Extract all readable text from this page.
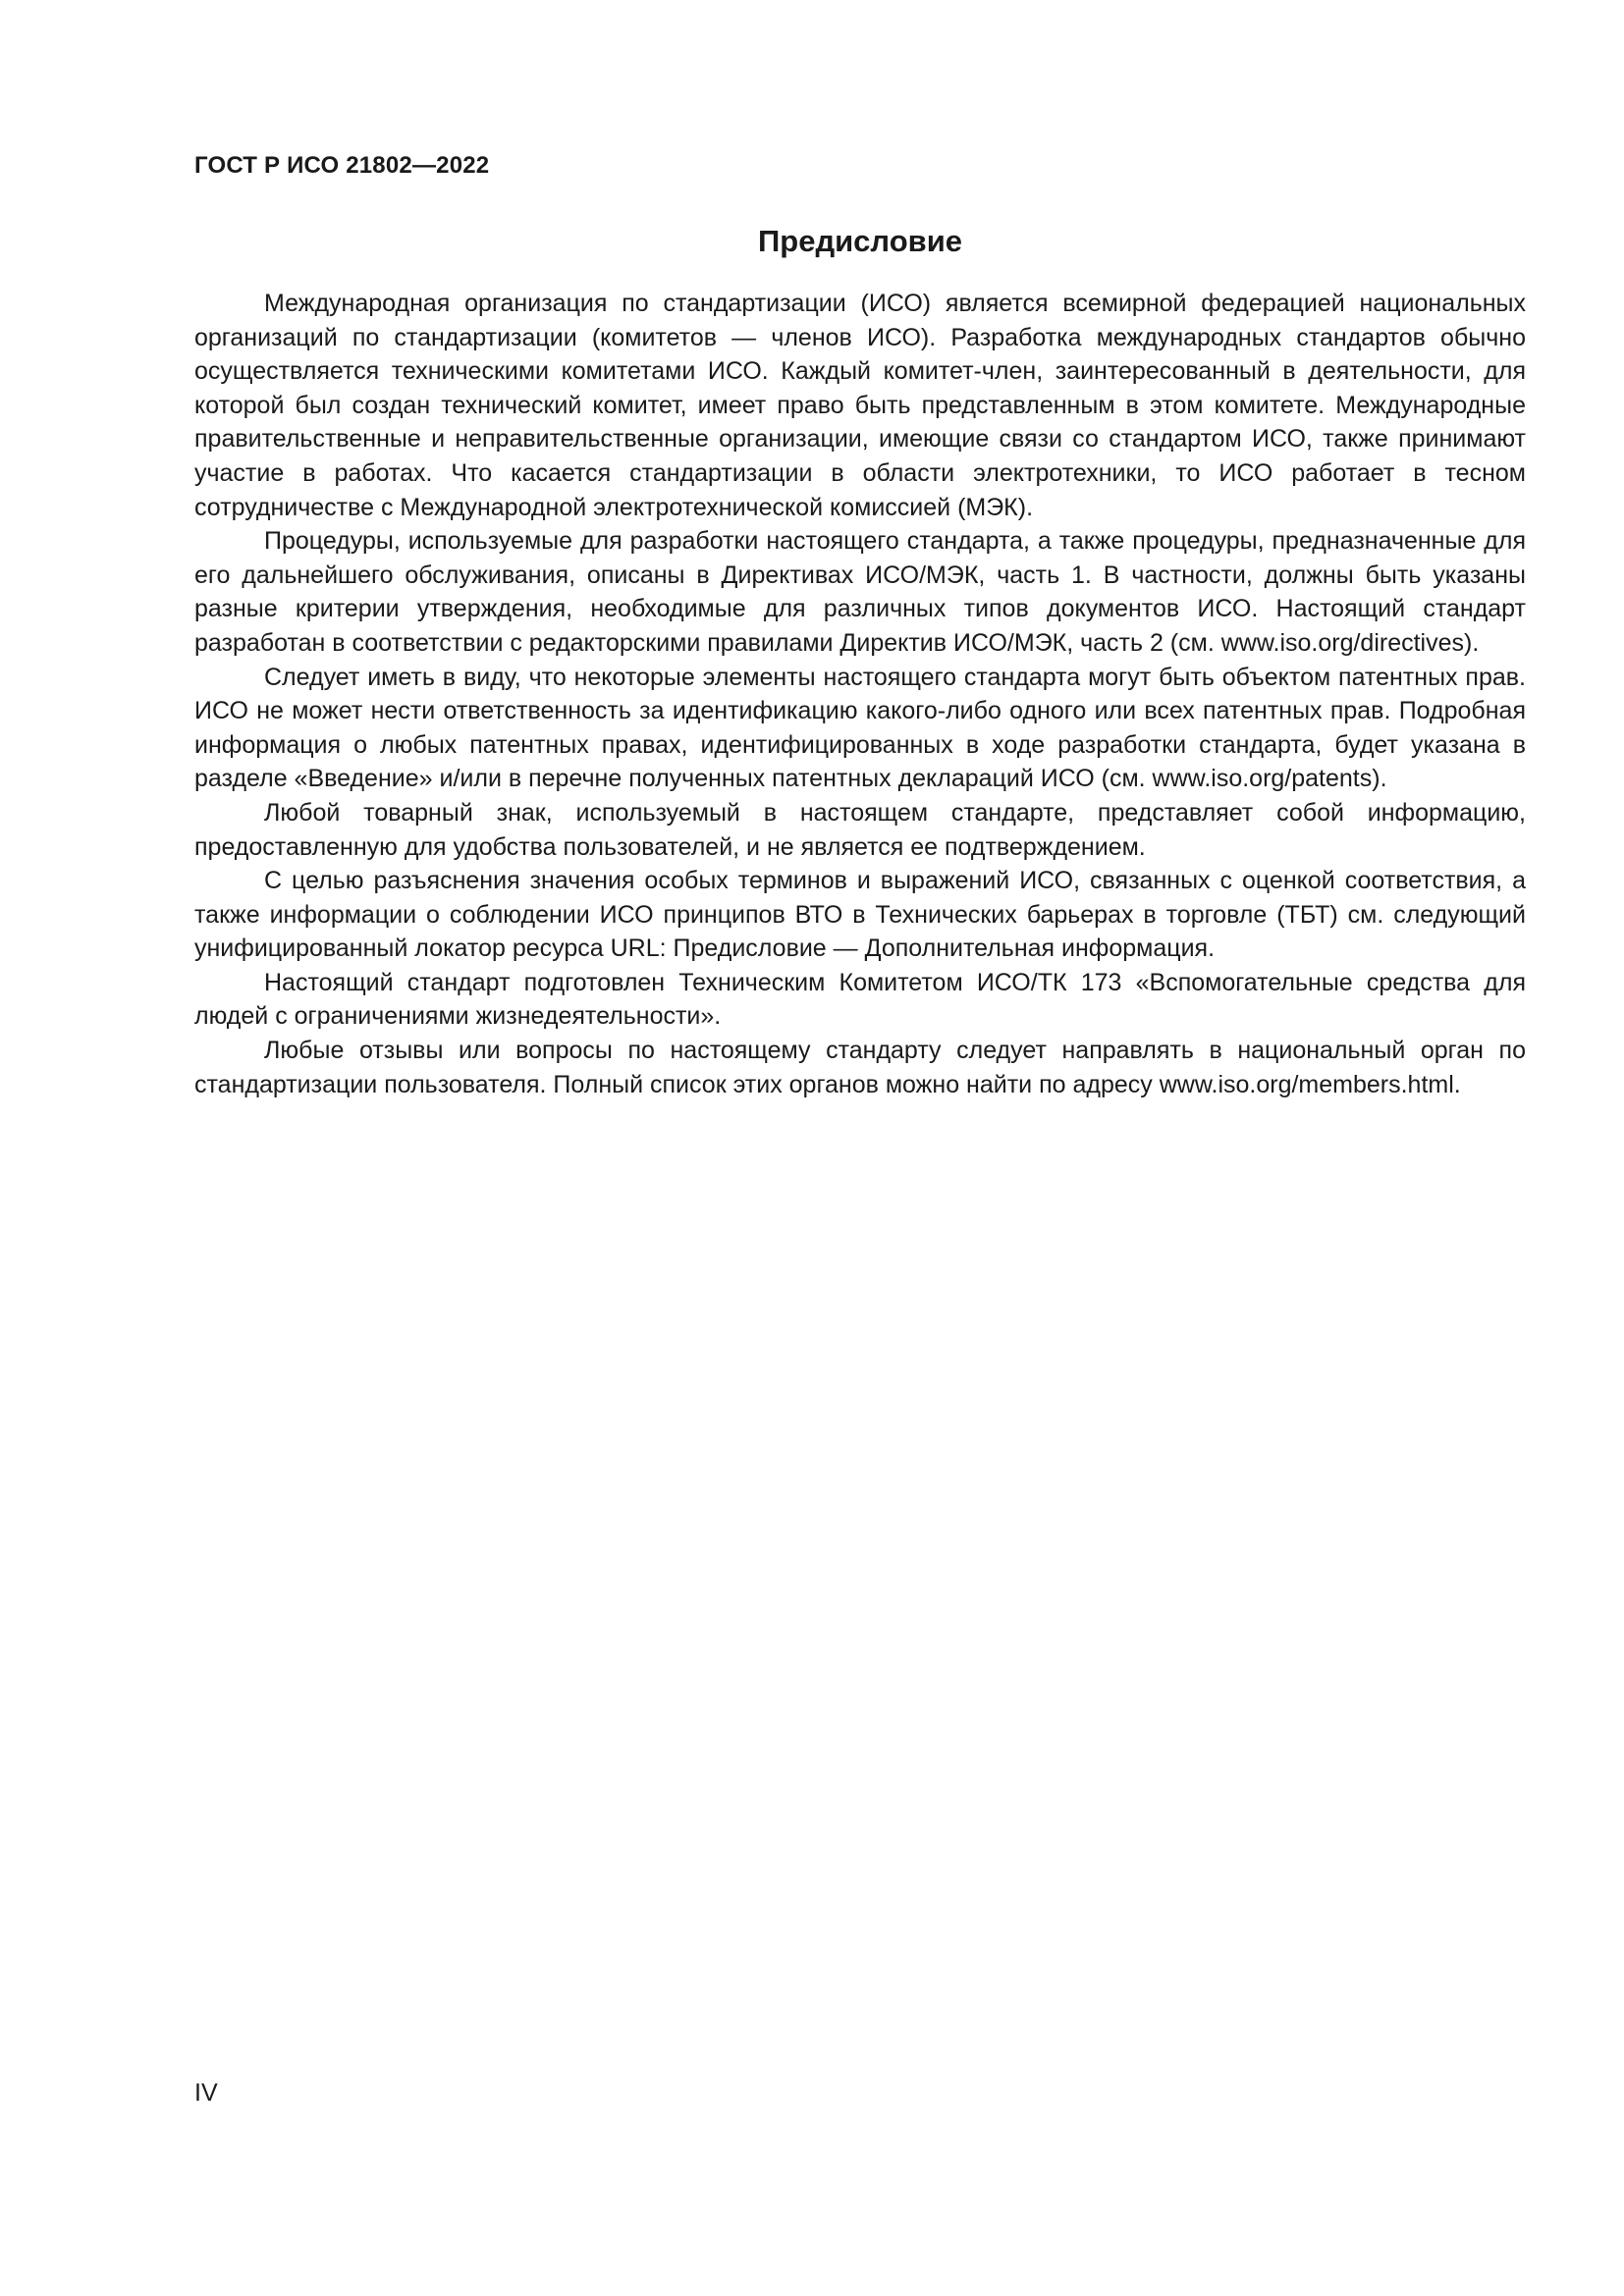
ГОСТ Р ИСО 21802—2022
Предисловие

Международная организация по стандартизации (ИСО) является всемирной федерацией национальных организаций по стандартизации (комитетов — членов ИСО). Разработка международных стандартов обычно осуществляется техническими комитетами ИСО. Каждый комитет-член, заинтересованный в деятельности, для которой был создан технический комитет, имеет право быть представленным в этом комитете. Международные правительственные и неправительственные организации, имеющие связи со стандартом ИСО, также принимают участие в работах. Что касается стандартизации в области электротехники, то ИСО работает в тесном сотрудничестве с Международной электротехнической комиссией (МЭК).

Процедуры, используемые для разработки настоящего стандарта, а также процедуры, предназначенные для его дальнейшего обслуживания, описаны в Директивах ИСО/МЭК, часть 1. В частности, должны быть указаны разные критерии утверждения, необходимые для различных типов документов ИСО. Настоящий стандарт разработан в соответствии с редакторскими правилами Директив ИСО/МЭК, часть 2 (см. www.iso.org/directives).

Следует иметь в виду, что некоторые элементы настоящего стандарта могут быть объектом патентных прав. ИСО не может нести ответственность за идентификацию какого-либо одного или всех патентных прав. Подробная информация о любых патентных правах, идентифицированных в ходе разработки стандарта, будет указана в разделе «Введение» и/или в перечне полученных патентных деклараций ИСО (см. www.iso.org/patents).

Любой товарный знак, используемый в настоящем стандарте, представляет собой информацию, предоставленную для удобства пользователей, и не является ее подтверждением.

С целью разъяснения значения особых терминов и выражений ИСО, связанных с оценкой соответствия, а также информации о соблюдении ИСО принципов ВТО в Технических барьерах в торговле (ТБТ) см. следующий унифицированный локатор ресурса URL: Предисловие — Дополнительная информация.

Настоящий стандарт подготовлен Техническим Комитетом ИСО/ТК 173 «Вспомогательные средства для людей с ограничениями жизнедеятельности».

Любые отзывы или вопросы по настоящему стандарту следует направлять в национальный орган по стандартизации пользователя. Полный список этих органов можно найти по адресу www.iso.org/members.html.

IV
